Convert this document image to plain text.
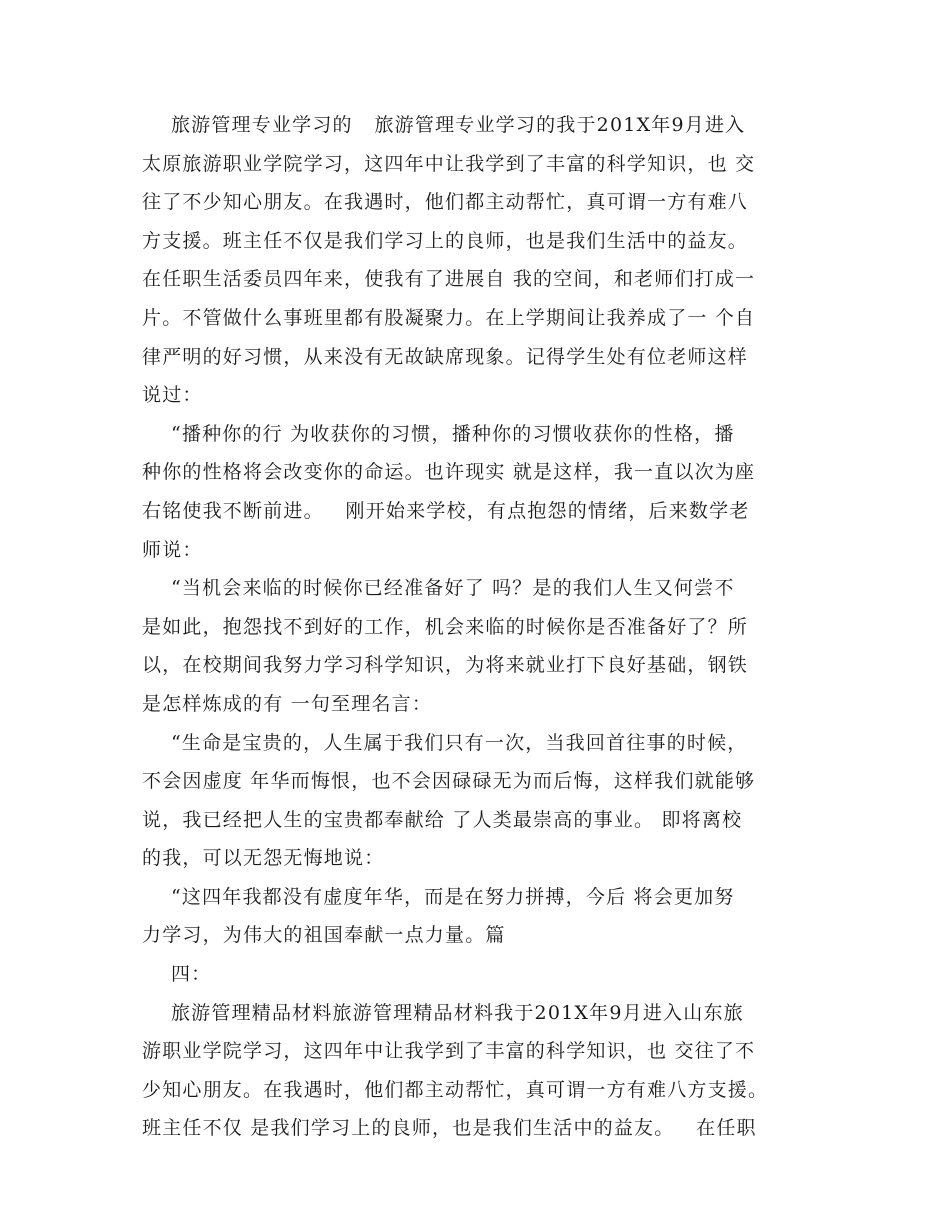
旅游管理专业学习的   旅游管理专业学习的我于201X年9月进入
太原旅游职业学院学习，这四年中让我学到了丰富的科学知识，也 交
往了不少知心朋友。在我遇时，他们都主动帮忙，真可谓一方有难八
方支援。班主任不仅是我们学习上的良师，也是我们生活中的益友。
在任职生活委员四年来，使我有了进展自 我的空间，和老师们打成一
片。不管做什么事班里都有股凝聚力。在上学期间让我养成了一 个自
律严明的好习惯，从来没有无故缺席现象。记得学生处有位老师这样
说过：
“播种你的行 为收获你的习惯，播种你的习惯收获你的性格，播
种你的性格将会改变你的命运。也许现实 就是这样，我一直以次为座
右铭使我不断前进。   刚开始来学校，有点抱怨的情绪，后来数学老
师说：
“当机会来临的时候你已经准备好了 吗？是的我们人生又何尝不
是如此，抱怨找不到好的工作，机会来临的时候你是否准备好了？所
以，在校期间我努力学习科学知识，为将来就业打下良好基础，钢铁
是怎样炼成的有 一句至理名言：
“生命是宝贵的，人生属于我们只有一次，当我回首往事的时候，
不会因虚度 年华而悔恨，也不会因碌碌无为而后悔，这样我们就能够
说，我已经把人生的宝贵都奉献给 了人类最崇高的事业。 即将离校
的我，可以无怨无悔地说：
“这四年我都没有虚度年华，而是在努力拼搏，今后 将会更加努
力学习，为伟大的祖国奉献一点力量。篇
四：
旅游管理精品材料旅游管理精品材料我于201X年9月进入山东旅
游职业学院学习，这四年中让我学到了丰富的科学知识，也 交往了不
少知心朋友。在我遇时，他们都主动帮忙，真可谓一方有难八方支援。
班主任不仅 是我们学习上的良师，也是我们生活中的益友。   在任职
